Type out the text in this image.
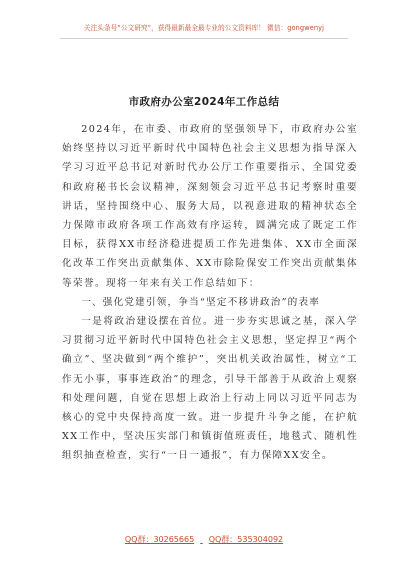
关注头条号“公文研究”，获得最新最全最专业的公文资料库！ 微信：gongwenyj
市政府办公室2024年工作总结

2024年，在市委、市政府的坚强领导下，市政府办公室始终坚持以习近平新时代中国特色社会主义思想为指导深入学习习近平总书记对新时代办公厅工作重要指示、全国党委和政府秘书长会议精神，深刻领会习近平总书记考察时重要讲话，坚持围绕中心、服务大局，以视意进取的精神状态全力保障市政府各项工作高效有序运转，圆满完成了既定工作目标，获得XX市经济稳进提质工作先进集体、XX市全面深化改革工作突出贡献集体、XX市除险保安工作突出贡献集体等荣誉。现将一年来有关工作总结如下：

一、强化党建引领，争当“坚定不移讲政治”的表率

一是将政治建设摆在首位。进一步夯实思诚之基，深入学习贯彻习近平新时代中国特色社会主义思想，坚定捍卫“两个确立”、坚决做到“两个维护”，突出机关政治属性，树立“工作无小事，事事连政治”的理念，引导干部善于从政治上观察和处理问题，自觉在思想上政治上行动上同以习近平同志为核心的党中央保持高度一致。进一步提升斗争之能，在护航XX工作中，坚决压实部门和镇街值班责任，地毯式、随机性组织抽查检查，实行“一日一通报”，有力保障XX安全。

QQ群：30265665 QQ群：535304092
